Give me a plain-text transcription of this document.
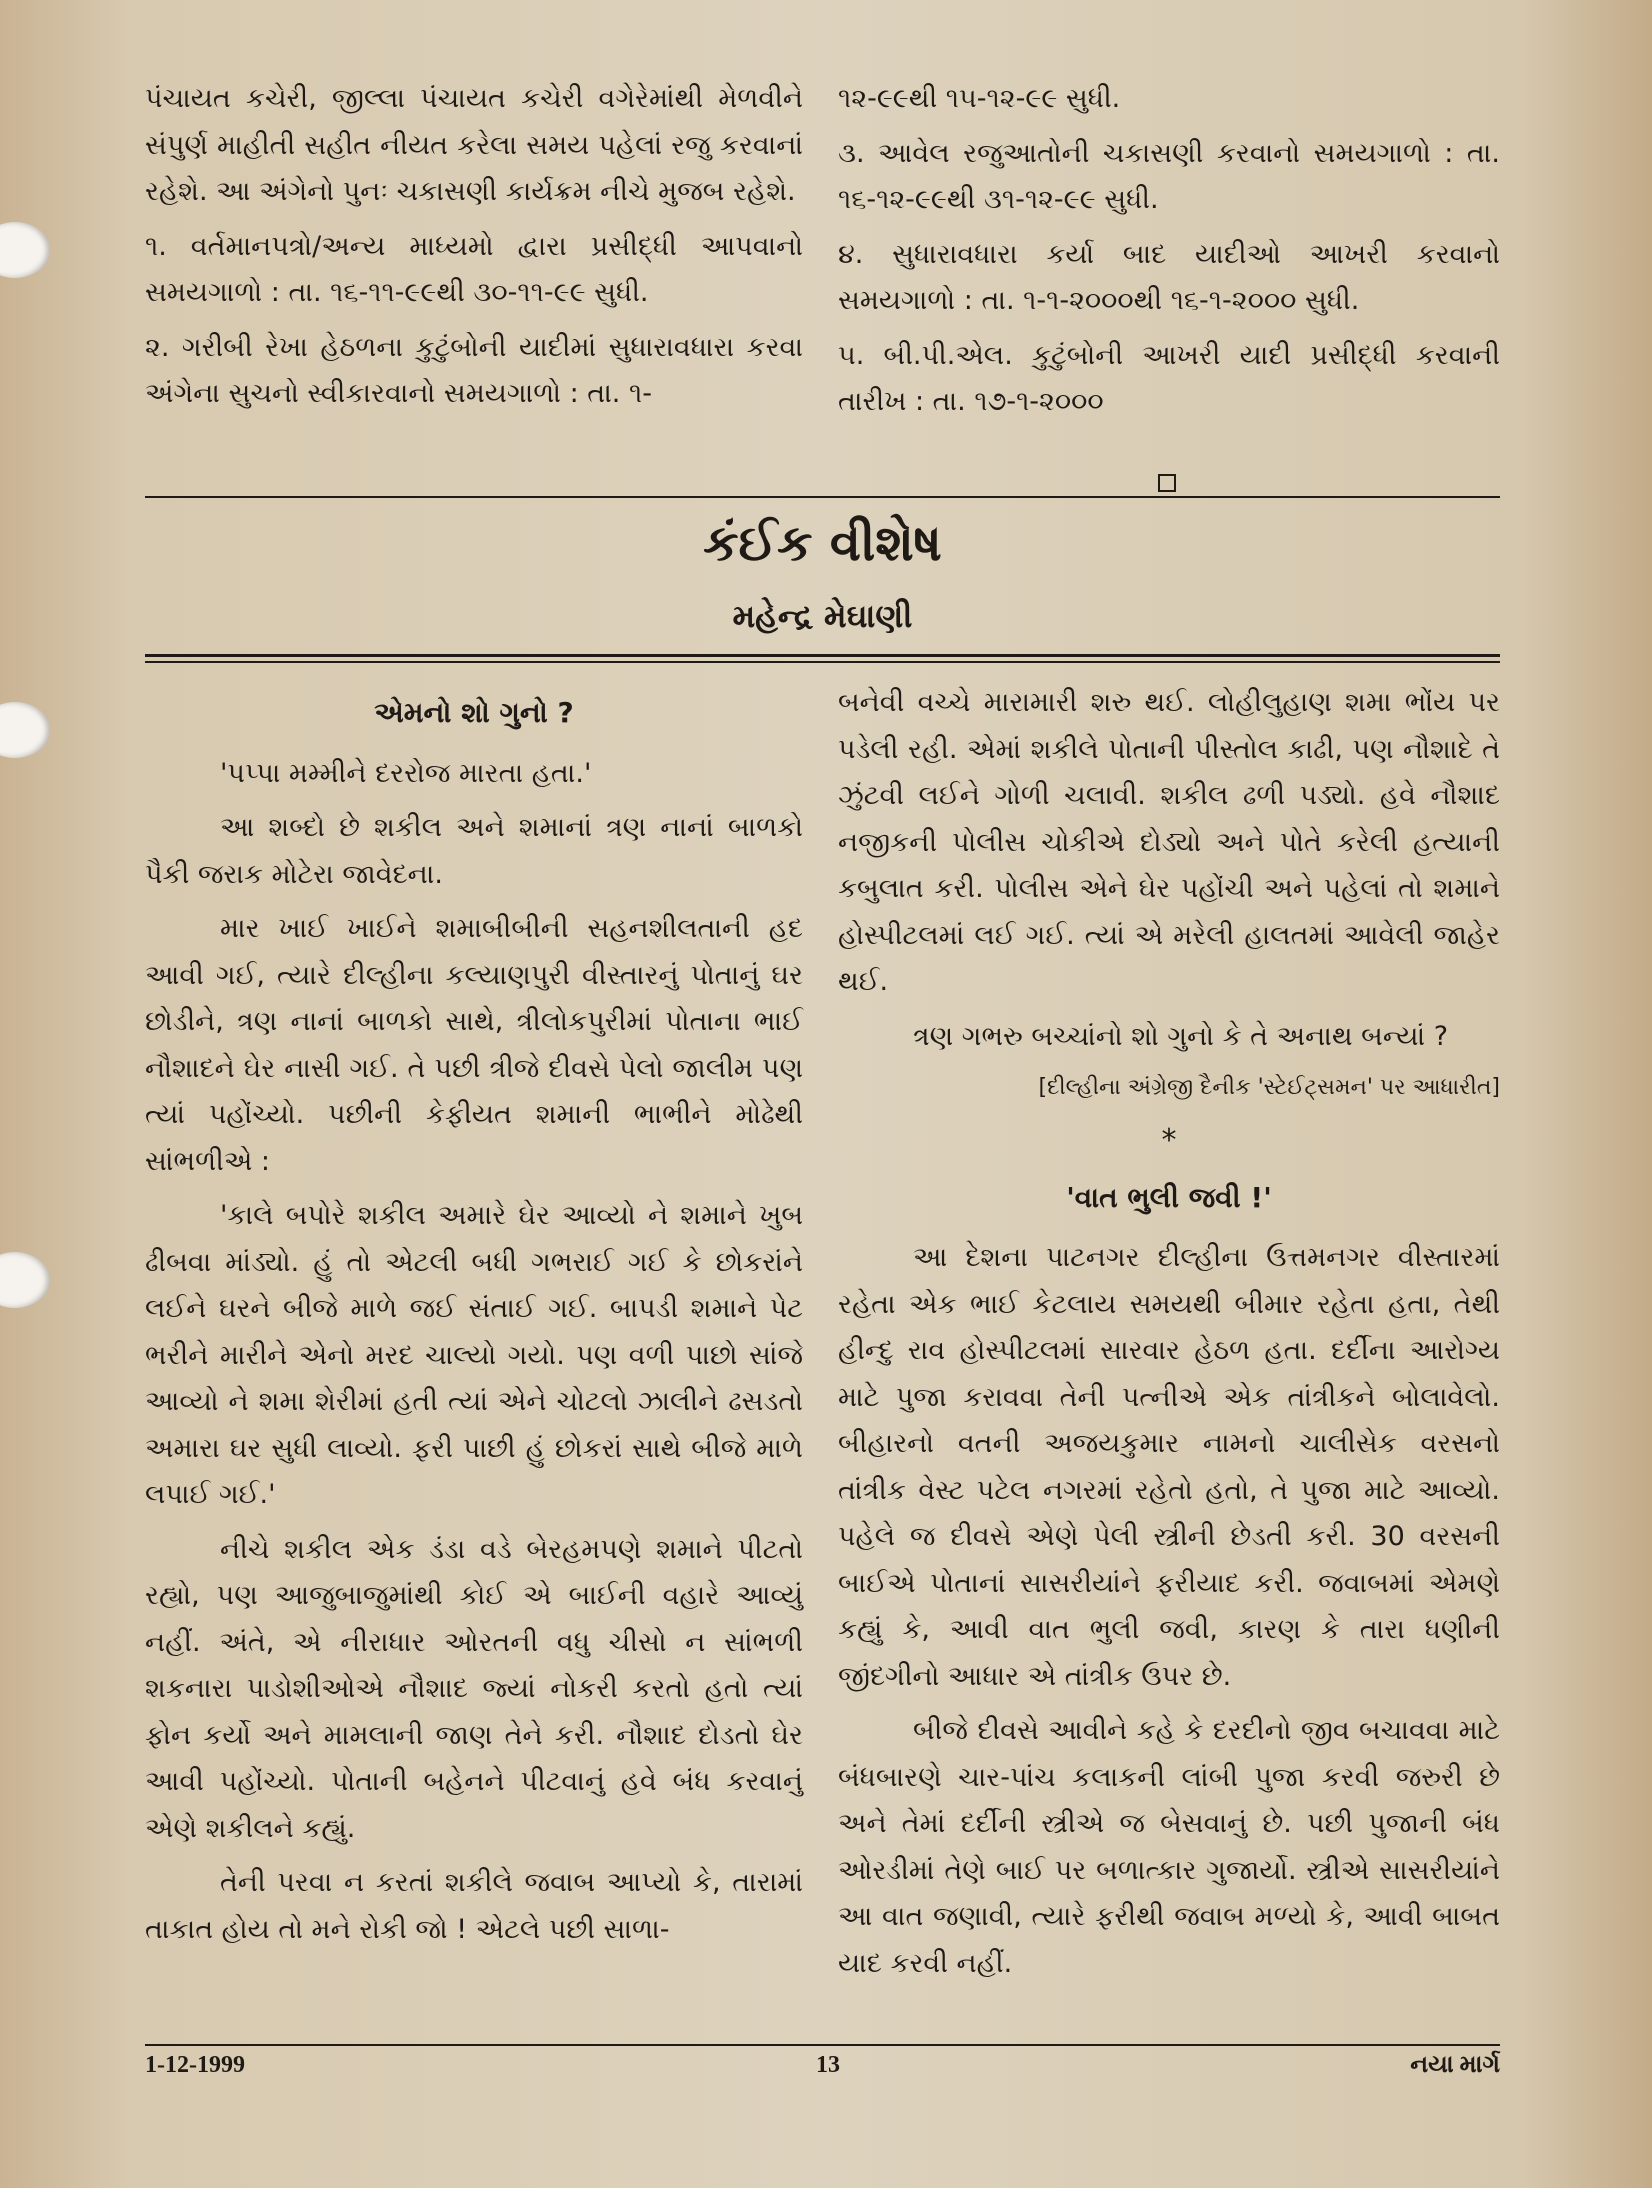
પંચાયત કચેરી, જીલ્લા પંચાયત કચેરી વગેરેમાંથી મેળવીને સંપુર્ણ માહીતી સહીત નીયત કરેલા સમય પહેલાં રજુ કરવાનાં રહેશે. આ અંગેનો પુનઃ ચકાસણી કાર્યક્રમ નીચે મુજબ રહેશે.

૧. વર્તમાનપત્રો/અન્ય માધ્યમો દ્વારા પ્રસીદ્ધી આપવાનો સમયગાળો : તા. ૧૬-૧૧-૯૯થી ૩૦-૧૧-૯૯ સુધી.

૨. ગરીબી રેખા હેઠળના કુટુંબોની યાદીમાં સુધારાવધારા કરવા અંગેના સુચનો સ્વીકારવાનો સમયગાળો : તા. ૧-

૧૨-૯૯થી ૧૫-૧૨-૯૯ સુધી.

૩. આવેલ રજુઆતોની ચકાસણી કરવાનો સમયગાળો : તા. ૧૬-૧૨-૯૯થી ૩૧-૧૨-૯૯ સુધી.

૪. સુધારાવધારા કર્યા બાદ યાદીઓ આખરી કરવાનો સમયગાળો : તા. ૧-૧-૨૦૦૦થી ૧૬-૧-૨૦૦૦ સુધી.

૫. બી.પી.એલ. કુટુંબોની આખરી યાદી પ્રસીદ્ધી કરવાની તારીખ : તા. ૧૭-૧-૨૦૦૦

કંઈક વીશેષ
મહેન્દ્ર મેઘાણી
એમનો શો ગુનો ?

'પપ્પા મમ્મીને દરરોજ મારતા હતા.'

આ શબ્દો છે શકીલ અને શમાનાં ત્રણ નાનાં બાળકો પૈકી જરાક મોટેરા જાવેદના.

માર ખાઈ ખાઈને શમાબીબીની સહનશીલતાની હદ આવી ગઈ, ત્યારે દીલ્હીના કલ્યાણપુરી વીસ્તારનું પોતાનું ઘર છોડીને, ત્રણ નાનાં બાળકો સાથે, ત્રીલોકપુરીમાં પોતાના ભાઈ નૌશાદને ઘેર નાસી ગઈ. તે પછી ત્રીજે દીવસે પેલો જાલીમ પણ ત્યાં પહોંચ્યો. પછીની કેફીયત શમાની ભાભીને મોઢેથી સાંભળીએ :

'કાલે બપોરે શકીલ અમારે ઘેર આવ્યો ને શમાને ખુબ ઢીબવા માંડ્યો. હું તો એટલી બધી ગભરાઈ ગઈ કે છોકરાંને લઈને ઘરને બીજે માળે જઈ સંતાઈ ગઈ. બાપડી શમાને પેટ ભરીને મારીને એનો મરદ ચાલ્યો ગયો. પણ વળી પાછો સાંજે આવ્યો ને શમા શેરીમાં હતી ત્યાં એને ચોટલો ઝાલીને ઢસડતો અમારા ઘર સુધી લાવ્યો. ફરી પાછી હું છોકરાં સાથે બીજે માળે લપાઈ ગઈ.'

નીચે શકીલ એક ડંડા વડે બેરહમપણે શમાને પીટતો રહ્યો, પણ આજુબાજુમાંથી કોઈ એ બાઈની વહારે આવ્યું નહીં. અંતે, એ નીરાધાર ઓરતની વધુ ચીસો ન સાંભળી શકનારા પાડોશીઓએ નૌશાદ જ્યાં નોકરી કરતો હતો ત્યાં ફોન કર્યો અને મામલાની જાણ તેને કરી. નૌશાદ દોડતો ઘેર આવી પહોંચ્યો. પોતાની બહેનને પીટવાનું હવે બંધ કરવાનું એણે શકીલને કહ્યું.

તેની પરવા ન કરતાં શકીલે જવાબ આપ્યો કે, તારામાં તાકાત હોય તો મને રોકી જો ! એટલે પછી સાળા-

બનેવી વચ્ચે મારામારી શરુ થઈ. લોહીલુહાણ શમા ભોંય પર પડેલી રહી. એમાં શકીલે પોતાની પીસ્તોલ કાઢી, પણ નૌશાદે તે ઝુંટવી લઈને ગોળી ચલાવી. શકીલ ઢળી પડ્યો. હવે નૌશાદ નજીકની પોલીસ ચોકીએ દોડ્યો અને પોતે કરેલી હત્યાની કબુલાત કરી. પોલીસ એને ઘેર પહોંચી અને પહેલાં તો શમાને હોસ્પીટલમાં લઈ ગઈ. ત્યાં એ મરેલી હાલતમાં આવેલી જાહેર થઈ.

ત્રણ ગભરુ બચ્ચાંનો શો ગુનો કે તે અનાથ બન્યાં ?

[દીલ્હીના અંગ્રેજી દૈનીક 'સ્ટેઈટ્સમન' પર આધારીત]
*
'વાત ભુલી જવી !'

આ દેશના પાટનગર દીલ્હીના ઉત્તમનગર વીસ્તારમાં રહેતા એક ભાઈ કેટલાય સમયથી બીમાર રહેતા હતા, તેથી હીન્દુ રાવ હોસ્પીટલમાં સારવાર હેઠળ હતા. દર્દીના આરોગ્ય માટે પુજા કરાવવા તેની પત્નીએ એક તાંત્રીકને બોલાવેલો. બીહારનો વતની અજયકુમાર નામનો ચાલીસેક વરસનો તાંત્રીક વેસ્ટ પટેલ નગરમાં રહેતો હતો, તે પુજા માટે આવ્યો. પહેલે જ દીવસે એણે પેલી સ્ત્રીની છેડતી કરી. 30 વરસની બાઈએ પોતાનાં સાસરીયાંને ફરીયાદ કરી. જવાબમાં એમણે કહ્યું કે, આવી વાત ભુલી જવી, કારણ કે તારા ધણીની જીંદગીનો આધાર એ તાંત્રીક ઉપર છે.

બીજે દીવસે આવીને કહે કે દરદીનો જીવ બચાવવા માટે બંધબારણે ચાર-પાંચ કલાકની લાંબી પુજા કરવી જરુરી છે અને તેમાં દર્દીની સ્ત્રીએ જ બેસવાનું છે. પછી પુજાની બંધ ઓરડીમાં તેણે બાઈ પર બળાત્કાર ગુજાર્યો. સ્ત્રીએ સાસરીયાંને આ વાત જણાવી, ત્યારે ફરીથી જવાબ મળ્યો કે, આવી બાબત યાદ કરવી નહીં.

1-12-1999	13	નયા માર્ગ
